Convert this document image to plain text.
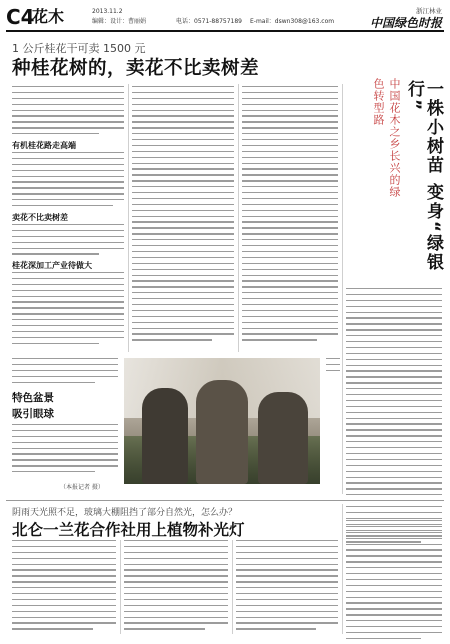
C4
花木	2013.11.2
编辑：设计：曹丽娟	电话：0571-88757189 E-mail：dswn308@163.com
浙江林业
中国绿色时报
1 公斤桂花干可卖 1500 元
种桂花树的，卖花不比卖树差
有机桂花路走高端
卖花不比卖树差
桂花深加工产业待做大
中国花木之乡长兴的绿色转型路	一株小树苗 变身“绿银行”
特色盆景
吸引眼球
（本报记者 摄）
阴雨天光照不足，玻璃大棚阻挡了部分自然光，怎么办？
北仑一兰花合作社用上植物补光灯
